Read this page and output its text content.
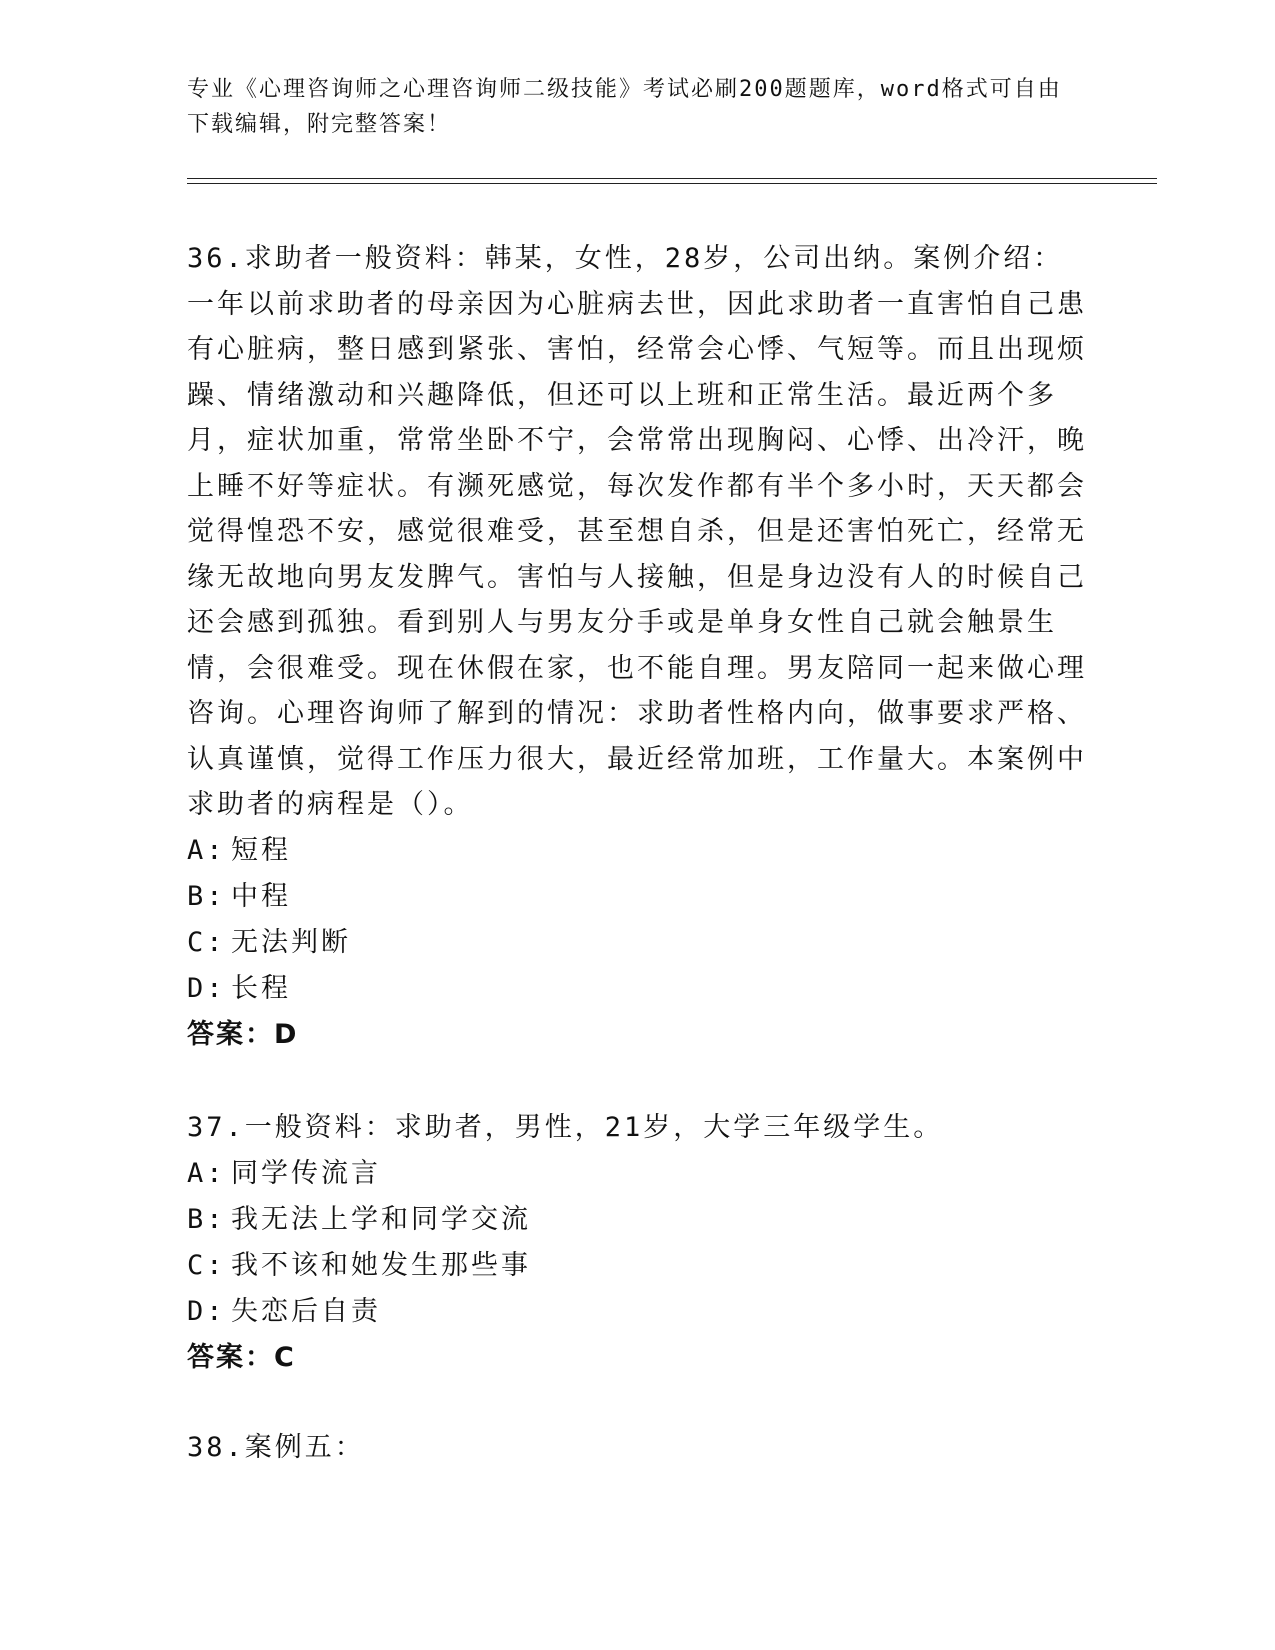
专业《心理咨询师之心理咨询师二级技能》考试必刷200题题库，word格式可自由下载编辑，附完整答案！

36.求助者一般资料：韩某，女性，28岁，公司出纳。案例介绍：一年以前求助者的母亲因为心脏病去世，因此求助者一直害怕自己患有心脏病，整日感到紧张、害怕，经常会心悸、气短等。而且出现烦躁、情绪激动和兴趣降低，但还可以上班和正常生活。最近两个多月，症状加重，常常坐卧不宁，会常常出现胸闷、心悸、出冷汗，晚上睡不好等症状。有濒死感觉，每次发作都有半个多小时，天天都会觉得惶恐不安，感觉很难受，甚至想自杀，但是还害怕死亡，经常无缘无故地向男友发脾气。害怕与人接触，但是身边没有人的时候自己还会感到孤独。看到别人与男友分手或是单身女性自己就会触景生情，会很难受。现在休假在家，也不能自理。男友陪同一起来做心理咨询。心理咨询师了解到的情况：求助者性格内向，做事要求严格、认真谨慎，觉得工作压力很大，最近经常加班，工作量大。本案例中求助者的病程是（）。

A: 短程
B: 中程
C: 无法判断
D: 长程
答案：D

37.一般资料：求助者，男性，21岁，大学三年级学生。

A: 同学传流言
B: 我无法上学和同学交流
C: 我不该和她发生那些事
D: 失恋后自责
答案：C

38.案例五：
